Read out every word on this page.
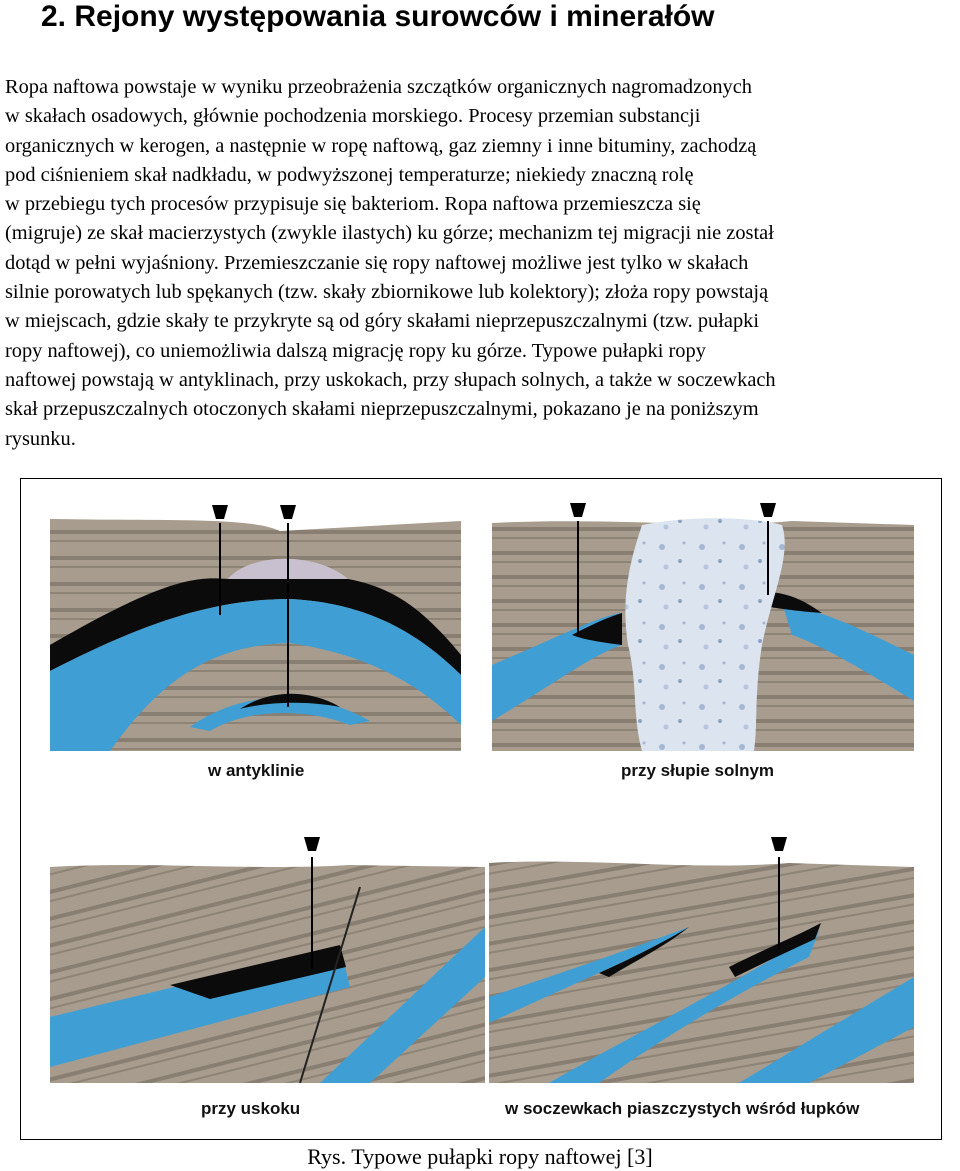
2. Rejony występowania surowców i minerałów
Ropa naftowa powstaje w wyniku przeobrażenia szczątków organicznych nagromadzonych
w skałach osadowych, głównie pochodzenia morskiego. Procesy przemian substancji
organicznych w kerogen, a następnie w ropę naftową, gaz ziemny i inne bituminy, zachodzą
pod ciśnieniem skał nadkładu, w podwyższonej temperaturze; niekiedy znaczną rolę
w przebiegu tych procesów przypisuje się bakteriom. Ropa naftowa przemieszcza się
(migruje) ze skał macierzystych (zwykle ilastych) ku górze; mechanizm tej migracji nie został
dotąd w pełni wyjaśniony. Przemieszczanie się ropy naftowej możliwe jest tylko w skałach
silnie porowatych lub spękanych (tzw. skały zbiornikowe lub kolektory); złoża ropy powstają
w miejscach, gdzie skały te przykryte są od góry skałami nieprzepuszczalnymi (tzw. pułapki
ropy naftowej), co uniemożliwia dalszą migrację ropy ku górze. Typowe pułapki ropy
naftowej powstają w antyklinach, przy uskokach, przy słupach solnych, a także w soczewkach
skał przepuszczalnych otoczonych skałami nieprzepuszczalnymi, pokazano je na poniższym
rysunku.
w antyklinie	przy słupie solnym
przy uskoku	w soczewkach piaszczystych wśród łupków
Rys. Typowe pułapki ropy naftowej [3]
